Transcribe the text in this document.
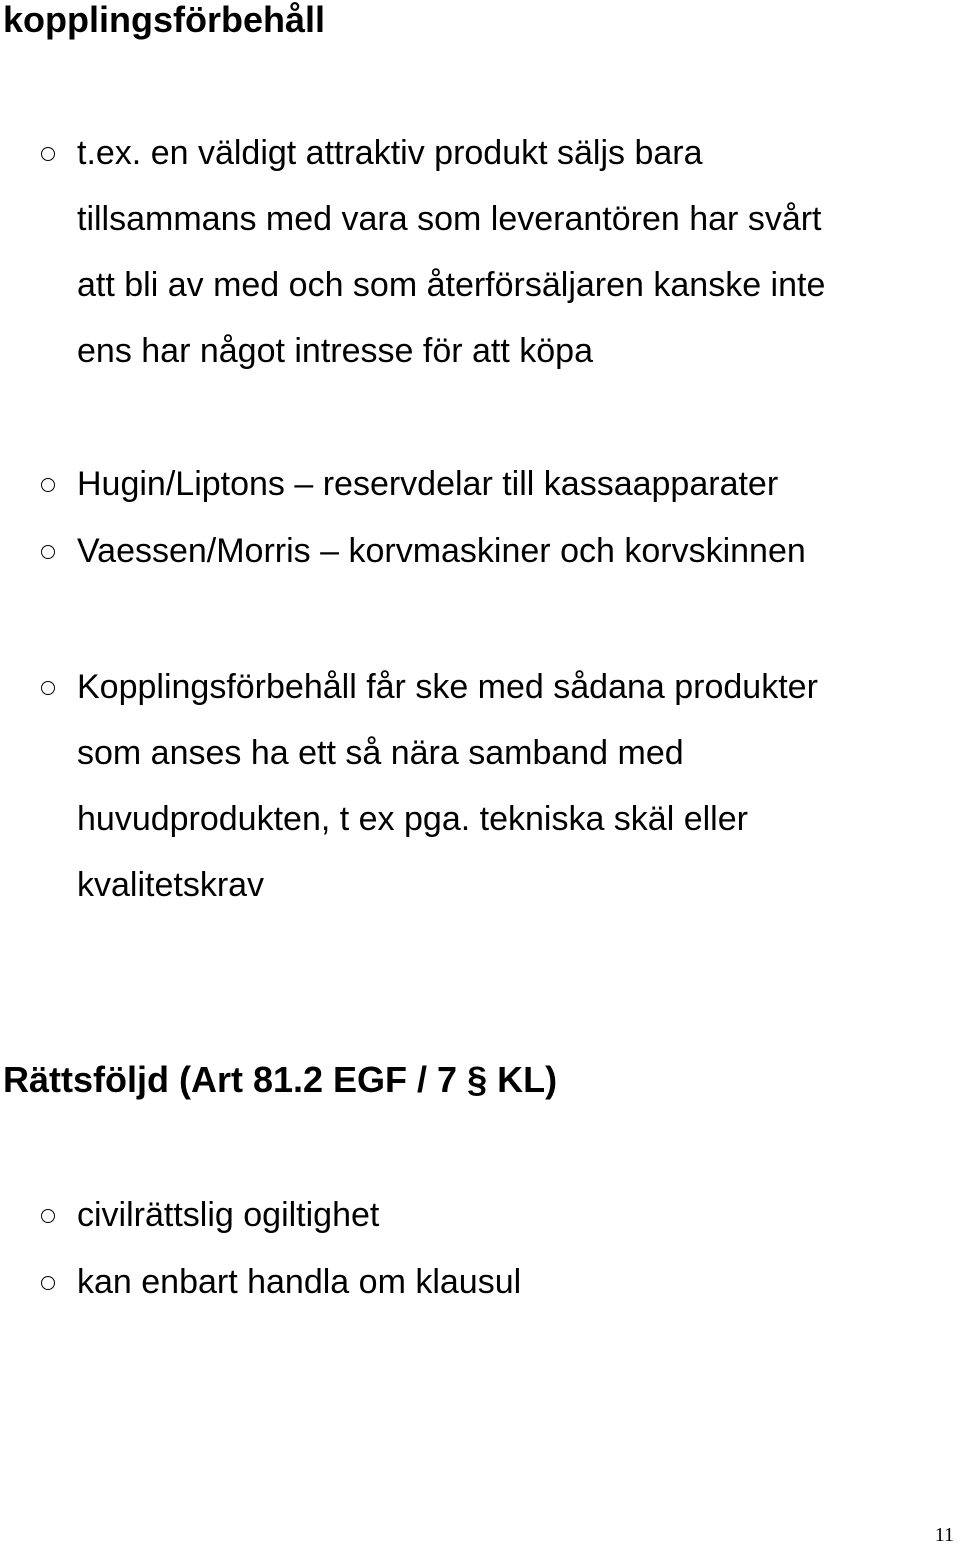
kopplingsförbehåll
t.ex. en väldigt attraktiv produkt säljs bara
tillsammans med vara som leverantören har svårt
att bli av med och som återförsäljaren kanske inte
ens har något intresse för att köpa
Hugin/Liptons – reservdelar till kassaapparater
Vaessen/Morris – korvmaskiner och korvskinnen
Kopplingsförbehåll får ske med sådana produkter
som anses ha ett så nära samband med
huvudprodukten, t ex pga. tekniska skäl eller
kvalitetskrav
Rättsföljd (Art 81.2 EGF / 7 § KL)
civilrättslig ogiltighet
kan enbart handla om klausul
11
